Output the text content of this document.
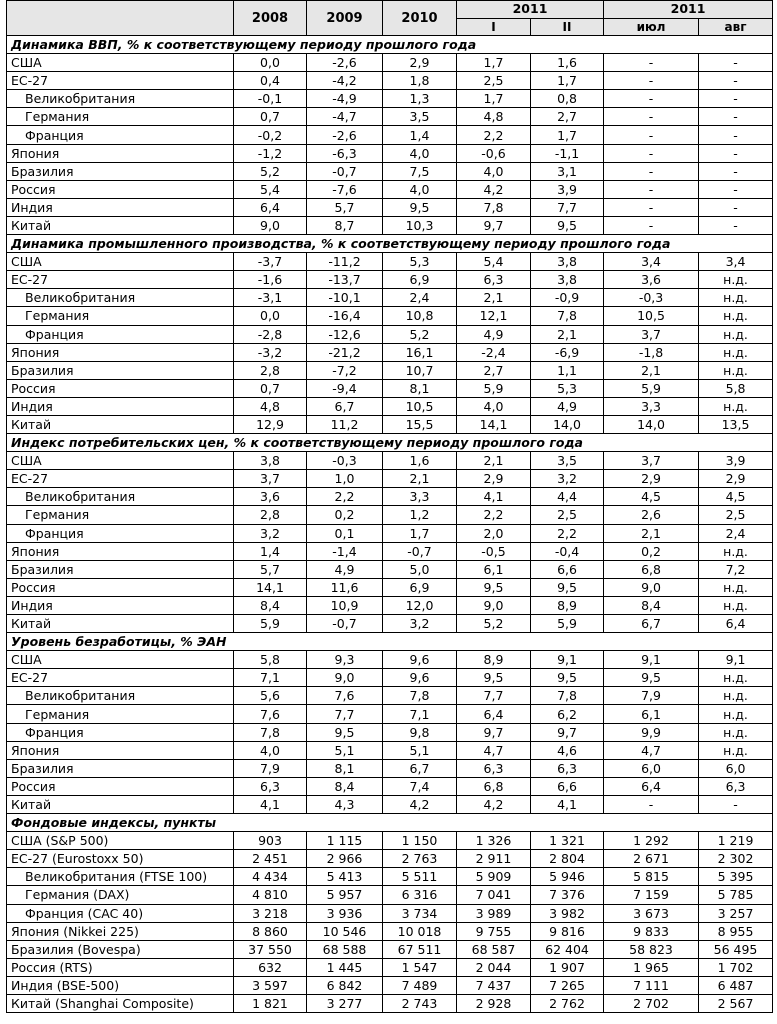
	2008	2009	2010	2011		2011	
				I	II	июл	авг
Динамика ВВП, % к соответствующему периоду прошлого года							
США	0,0	-2,6	2,9	1,7	1,6	-	-
ЕС-27	0,4	-4,2	1,8	2,5	1,7	-	-
Великобритания	-0,1	-4,9	1,3	1,7	0,8	-	-
Германия	0,7	-4,7	3,5	4,8	2,7	-	-
Франция	-0,2	-2,6	1,4	2,2	1,7	-	-
Япония	-1,2	-6,3	4,0	-0,6	-1,1	-	-
Бразилия	5,2	-0,7	7,5	4,0	3,1	-	-
Россия	5,4	-7,6	4,0	4,2	3,9	-	-
Индия	6,4	5,7	9,5	7,8	7,7	-	-
Китай	9,0	8,7	10,3	9,7	9,5	-	-
Динамика промышленного производства, % к соответствующему периоду прошлого года							
США	-3,7	-11,2	5,3	5,4	3,8	3,4	3,4
ЕС-27	-1,6	-13,7	6,9	6,3	3,8	3,6	н.д.
Великобритания	-3,1	-10,1	2,4	2,1	-0,9	-0,3	н.д.
Германия	0,0	-16,4	10,8	12,1	7,8	10,5	н.д.
Франция	-2,8	-12,6	5,2	4,9	2,1	3,7	н.д.
Япония	-3,2	-21,2	16,1	-2,4	-6,9	-1,8	н.д.
Бразилия	2,8	-7,2	10,7	2,7	1,1	2,1	н.д.
Россия	0,7	-9,4	8,1	5,9	5,3	5,9	5,8
Индия	4,8	6,7	10,5	4,0	4,9	3,3	н.д.
Китай	12,9	11,2	15,5	14,1	14,0	14,0	13,5
Индекс потребительских цен, % к соответствующему периоду прошлого года							
США	3,8	-0,3	1,6	2,1	3,5	3,7	3,9
ЕС-27	3,7	1,0	2,1	2,9	3,2	2,9	2,9
Великобритания	3,6	2,2	3,3	4,1	4,4	4,5	4,5
Германия	2,8	0,2	1,2	2,2	2,5	2,6	2,5
Франция	3,2	0,1	1,7	2,0	2,2	2,1	2,4
Япония	1,4	-1,4	-0,7	-0,5	-0,4	0,2	н.д.
Бразилия	5,7	4,9	5,0	6,1	6,6	6,8	7,2
Россия	14,1	11,6	6,9	9,5	9,5	9,0	н.д.
Индия	8,4	10,9	12,0	9,0	8,9	8,4	н.д.
Китай	5,9	-0,7	3,2	5,2	5,9	6,7	6,4
Уровень безработицы, % ЭАН							
США	5,8	9,3	9,6	8,9	9,1	9,1	9,1
ЕС-27	7,1	9,0	9,6	9,5	9,5	9,5	н.д.
Великобритания	5,6	7,6	7,8	7,7	7,8	7,9	н.д.
Германия	7,6	7,7	7,1	6,4	6,2	6,1	н.д.
Франция	7,8	9,5	9,8	9,7	9,7	9,9	н.д.
Япония	4,0	5,1	5,1	4,7	4,6	4,7	н.д.
Бразилия	7,9	8,1	6,7	6,3	6,3	6,0	6,0
Россия	6,3	8,4	7,4	6,8	6,6	6,4	6,3
Китай	4,1	4,3	4,2	4,2	4,1	-	-
Фондовые индексы, пункты							
США (S&P 500)	903	1 115	1 150	1 326	1 321	1 292	1 219
ЕС-27 (Eurostoxx 50)	2 451	2 966	2 763	2 911	2 804	2 671	2 302
Великобритания (FTSE 100)	4 434	5 413	5 511	5 909	5 946	5 815	5 395
Германия (DAX)	4 810	5 957	6 316	7 041	7 376	7 159	5 785
Франция (CAC 40)	3 218	3 936	3 734	3 989	3 982	3 673	3 257
Япония (Nikkei 225)	8 860	10 546	10 018	9 755	9 816	9 833	8 955
Бразилия (Bovespa)	37 550	68 588	67 511	68 587	62 404	58 823	56 495
Россия (RTS)	632	1 445	1 547	2 044	1 907	1 965	1 702
Индия (BSE-500)	3 597	6 842	7 489	7 437	7 265	7 111	6 487
Китай (Shanghai Composite)	1 821	3 277	2 743	2 928	2 762	2 702	2 567
